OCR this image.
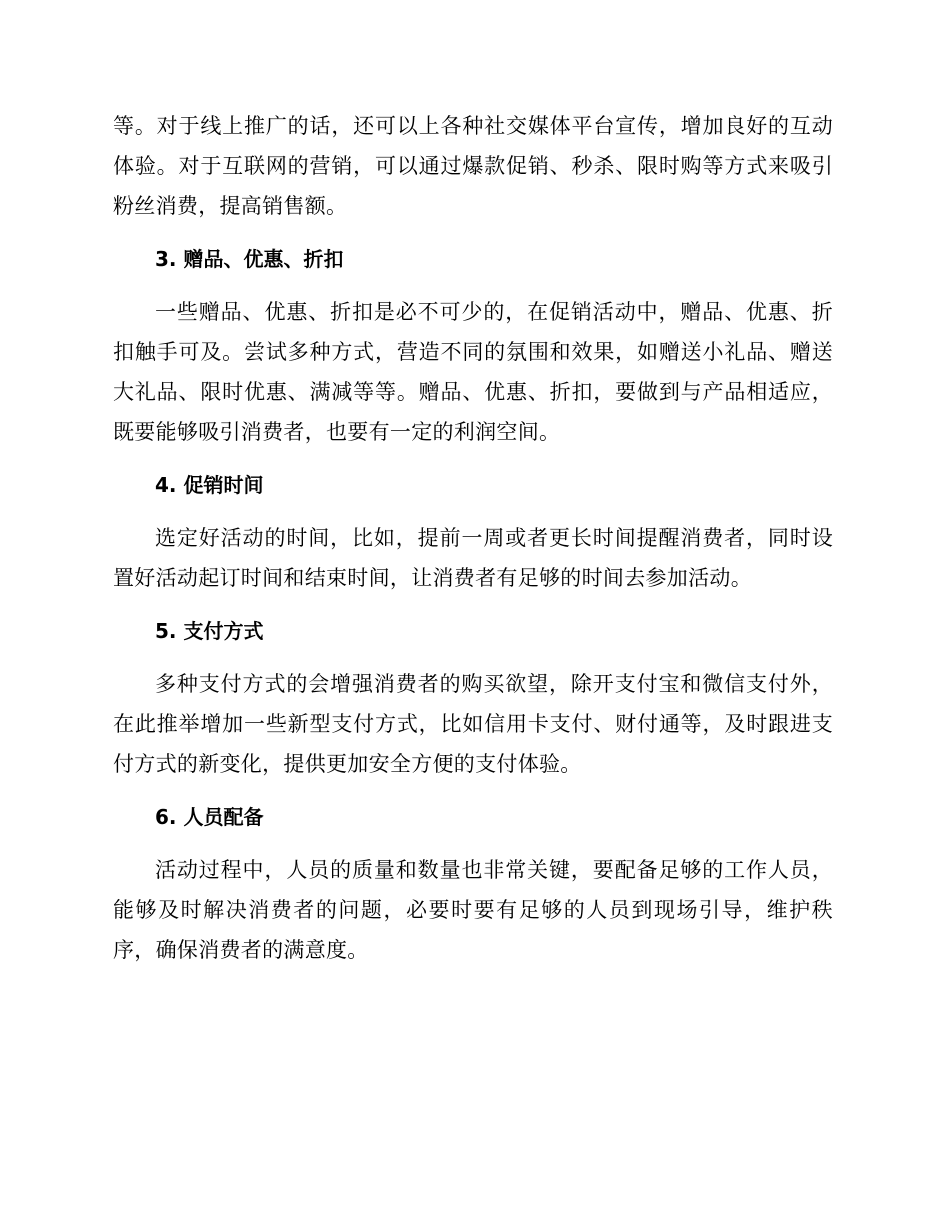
等。对于线上推广的话，还可以上各种社交媒体平台宣传，增加良好的互动体验。对于互联网的营销，可以通过爆款促销、秒杀、限时购等方式来吸引粉丝消费，提高销售额。

3. 赠品、优惠、折扣

一些赠品、优惠、折扣是必不可少的，在促销活动中，赠品、优惠、折扣触手可及。尝试多种方式，营造不同的氛围和效果，如赠送小礼品、赠送大礼品、限时优惠、满减等等。赠品、优惠、折扣，要做到与产品相适应，既要能够吸引消费者，也要有一定的利润空间。

4. 促销时间

选定好活动的时间，比如，提前一周或者更长时间提醒消费者，同时设置好活动起订时间和结束时间，让消费者有足够的时间去参加活动。

5. 支付方式

多种支付方式的会增强消费者的购买欲望，除开支付宝和微信支付外，在此推举增加一些新型支付方式，比如信用卡支付、财付通等，及时跟进支付方式的新变化，提供更加安全方便的支付体验。

6. 人员配备

活动过程中，人员的质量和数量也非常关键，要配备足够的工作人员，能够及时解决消费者的问题，必要时要有足够的人员到现场引导，维护秩序，确保消费者的满意度。
